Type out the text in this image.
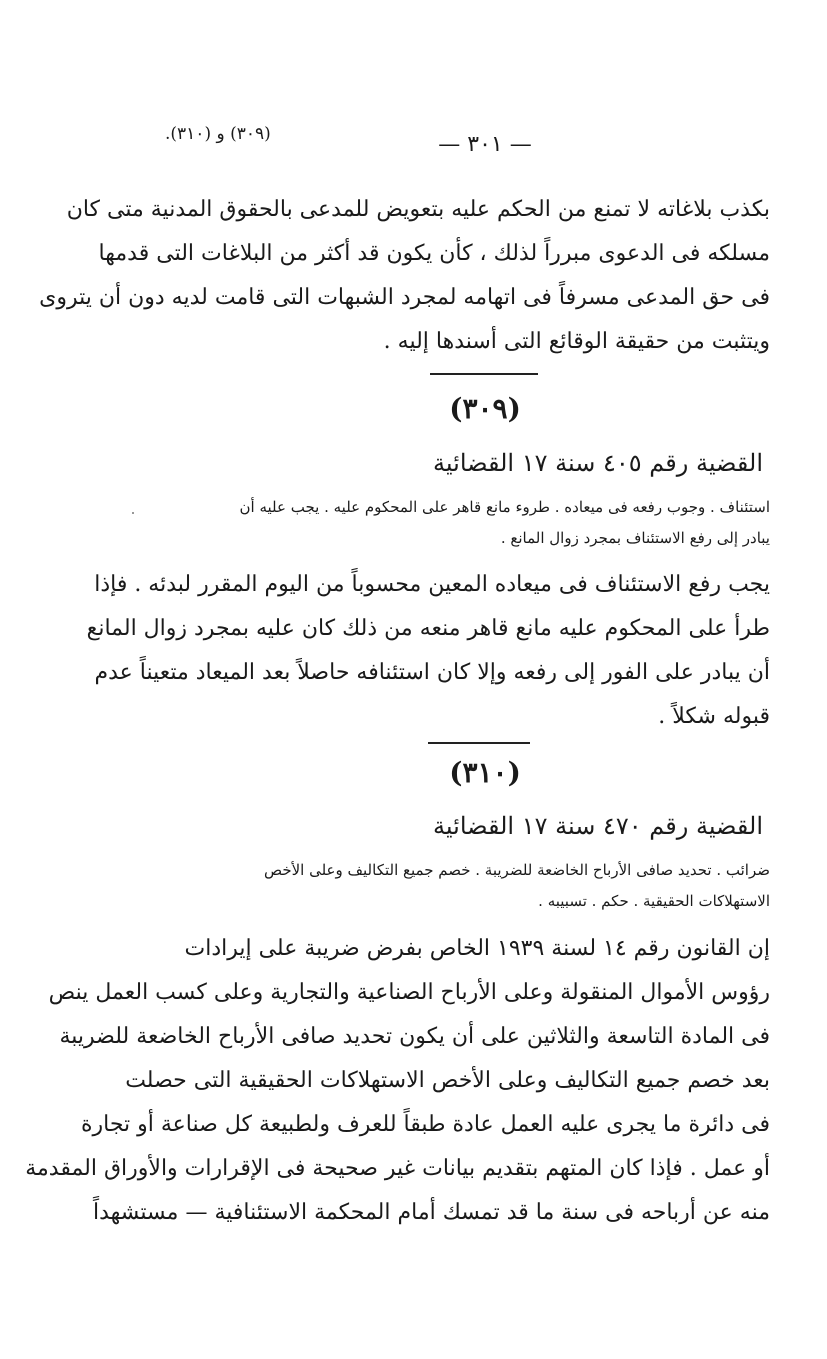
(٣٠٩) و (٣١٠).	— ٣٠١ —
بكذب بلاغاته لا تمنع من الحكم عليه بتعويض للمدعى بالحقوق المدنية متى كان
مسلكه فى الدعوى مبرراً لذلك ، كأن يكون قد أكثر من البلاغات التى قدمها
فى حق المدعى مسرفاً فى اتهامه لمجرد الشبهات التى قامت لديه دون أن يتروى
ويتثبت من حقيقة الوقائع التى أسندها إليه .
(٣٠٩)
القضية رقم ٤٠٥ سنة ١٧ القضائية
استئناف . وجوب رفعه فى ميعاده . طروء مانع قاهر على المحكوم عليه . يجب عليه أن
يبادر إلى رفع الاستئناف بمجرد زوال المانع .
يجب رفع الاستئناف فى ميعاده المعين محسوباً من اليوم المقرر لبدئه . فإذا
طرأ على المحكوم عليه مانع قاهر منعه من ذلك كان عليه بمجرد زوال المانع
أن يبادر على الفور إلى رفعه وإلا كان استئنافه حاصلاً بعد الميعاد متعيناً عدم
قبوله شكلاً .
(٣١٠)
القضية رقم ٤٧٠ سنة ١٧ القضائية
ضرائب . تحديد صافى الأرباح الخاضعة للضريبة . خصم جميع التكاليف وعلى الأخص
الاستهلاكات الحقيقية . حكم . تسبيبه .
إن القانون رقم ١٤ لسنة ١٩٣٩ الخاص بفرض ضريبة على إيرادات
رؤوس الأموال المنقولة وعلى الأرباح الصناعية والتجارية وعلى كسب العمل ينص
فى المادة التاسعة والثلاثين على أن يكون تحديد صافى الأرباح الخاضعة للضريبة
بعد خصم جميع التكاليف وعلى الأخص الاستهلاكات الحقيقية التى حصلت
فى دائرة ما يجرى عليه العمل عادة طبقاً للعرف ولطبيعة كل صناعة أو تجارة
أو عمل . فإذا كان المتهم بتقديم بيانات غير صحيحة فى الإقرارات والأوراق المقدمة
منه عن أرباحه فى سنة ما قد تمسك أمام المحكمة الاستئنافية — مستشهداً
